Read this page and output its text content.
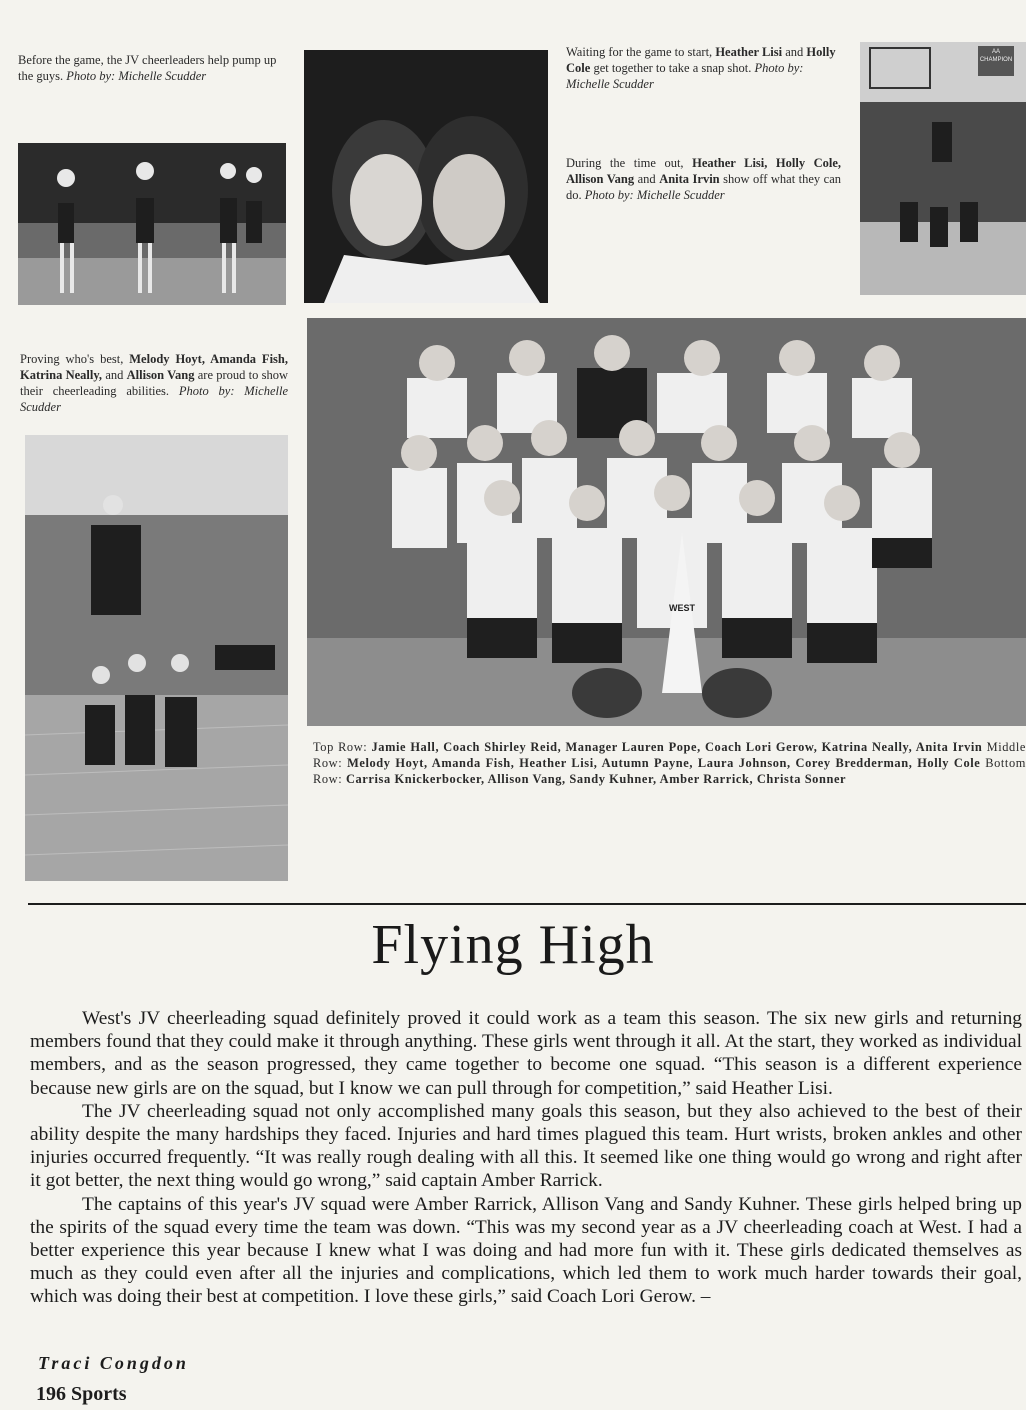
Before the game, the JV cheerleaders help pump up the guys. Photo by: Michelle Scudder
Waiting for the game to start, Heather Lisi and Holly Cole get together to take a snap shot. Photo by: Michelle Scudder
During the time out, Heather Lisi, Holly Cole, Allison Vang and Anita Irvin show off what they can do. Photo by: Michelle Scudder
AA
CHAMPION
Proving who's best, Melody Hoyt, Amanda Fish, Katrina Neally, and Allison Vang are proud to show their cheerleading abilities. Photo by: Michelle Scudder
WEST
Top Row: Jamie Hall, Coach Shirley Reid, Manager Lauren Pope, Coach Lori Gerow, Katrina Neally, Anita Irvin Middle Row: Melody Hoyt, Amanda Fish, Heather Lisi, Autumn Payne, Laura Johnson, Corey Bredderman, Holly Cole Bottom Row: Carrisa Knickerbocker, Allison Vang, Sandy Kuhner, Amber Rarrick, Christa Sonner
Flying High

West's JV cheerleading squad definitely proved it could work as a team this season. The six new girls and returning members found that they could make it through anything. These girls went through it all. At the start, they worked as individual members, and as the season progressed, they came together to become one squad. “This season is a different experience because new girls are on the squad, but I know we can pull through for competition,” said Heather Lisi.

The JV cheerleading squad not only accomplished many goals this season, but they also achieved to the best of their ability despite the many hardships they faced. Injuries and hard times plagued this team. Hurt wrists, broken ankles and other injuries occurred frequently. “It was really rough dealing with all this. It seemed like one thing would go wrong and right after it got better, the next thing would go wrong,” said captain Amber Rarrick.

The captains of this year's JV squad were Amber Rarrick, Allison Vang and Sandy Kuhner. These girls helped bring up the spirits of the squad every time the team was down. “This was my second year as a JV cheerleading coach at West. I had a better experience this year because I knew what I was doing and had more fun with it. These girls dedicated themselves as much as they could even after all the injuries and complications, which led them to work much harder towards their goal, which was doing their best at competition. I love these girls,” said Coach Lori Gerow. –

Traci Congdon
196 Sports
